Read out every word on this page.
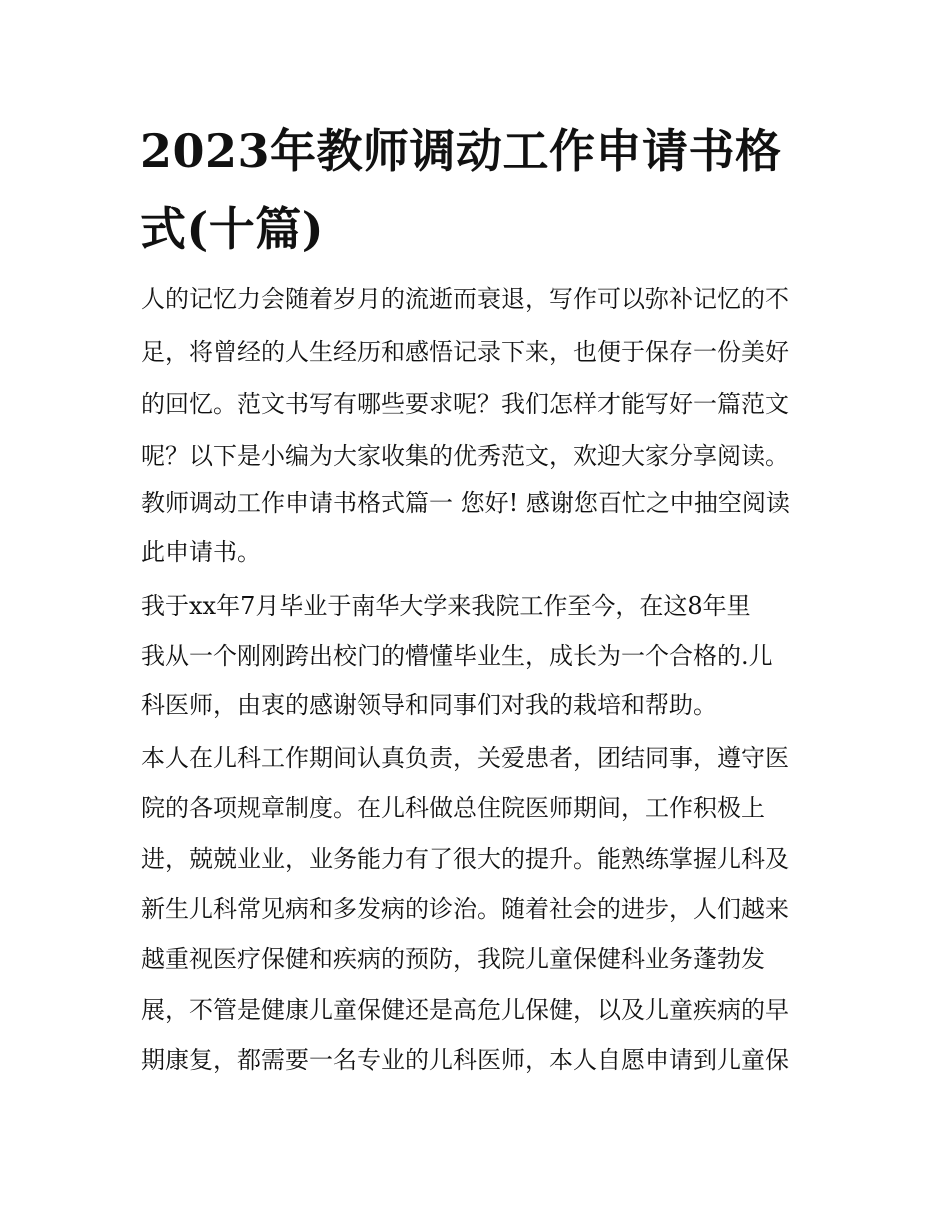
2023年教师调动工作申请书格式(十篇)

人的记忆力会随着岁月的流逝而衰退，写作可以弥补记忆的不

足，将曾经的人生经历和感悟记录下来，也便于保存一份美好

的回忆。范文书写有哪些要求呢？我们怎样才能写好一篇范文

呢？以下是小编为大家收集的优秀范文，欢迎大家分享阅读。

教师调动工作申请书格式篇一 您好! 感谢您百忙之中抽空阅读

此申请书。

我于xx年7月毕业于南华大学来我院工作至今，在这8年里

我从一个刚刚跨出校门的懵懂毕业生，成长为一个合格的.儿

科医师，由衷的感谢领导和同事们对我的栽培和帮助。

本人在儿科工作期间认真负责，关爱患者，团结同事，遵守医

院的各项规章制度。在儿科做总住院医师期间，工作积极上

进，兢兢业业，业务能力有了很大的提升。能熟练掌握儿科及

新生儿科常见病和多发病的诊治。随着社会的进步，人们越来

越重视医疗保健和疾病的预防，我院儿童保健科业务蓬勃发

展，不管是健康儿童保健还是高危儿保健，以及儿童疾病的早

期康复，都需要一名专业的儿科医师，本人自愿申请到儿童保
